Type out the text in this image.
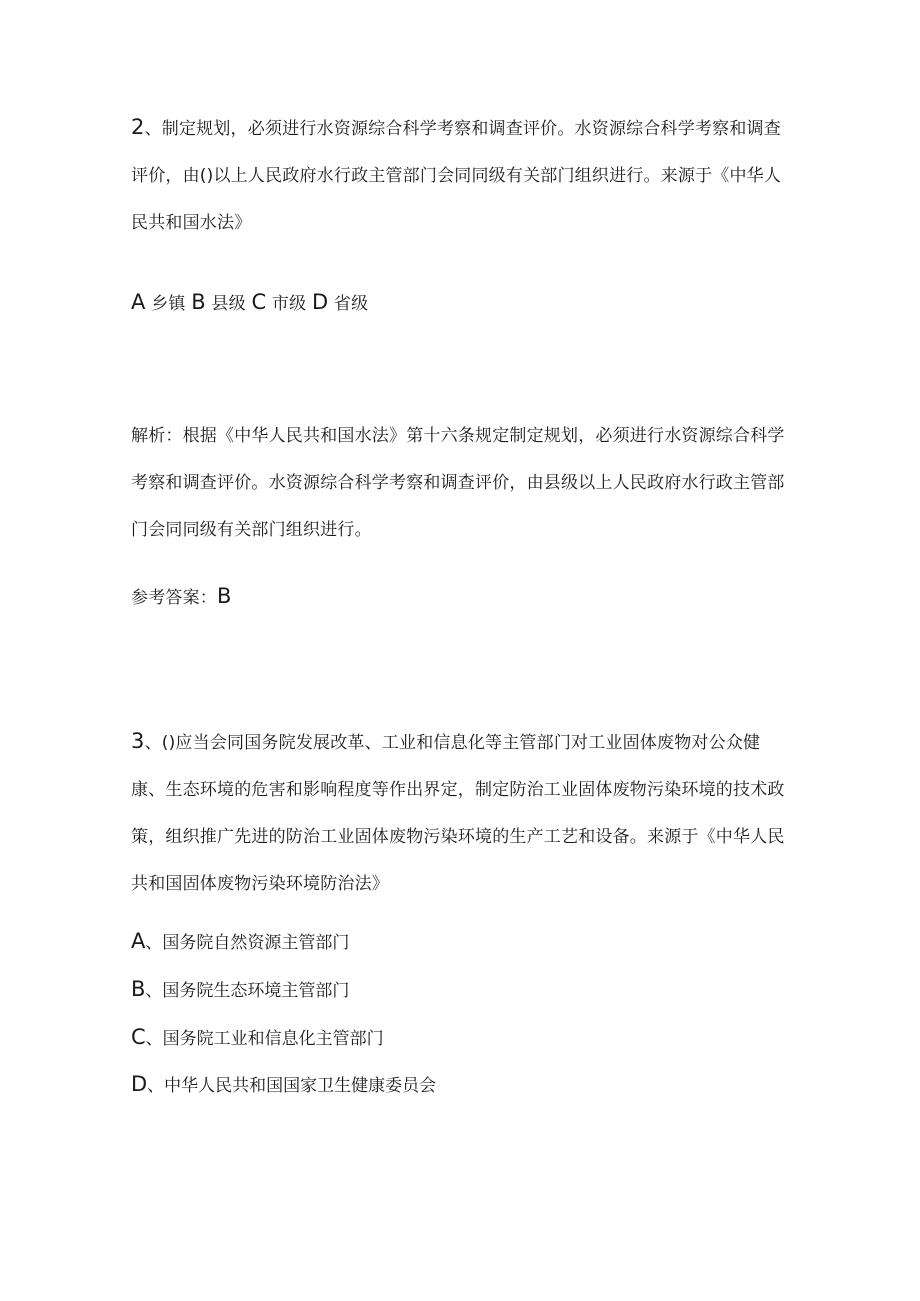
2、制定规划，必须进行水资源综合科学考察和调查评价。水资源综合科学考察和调查评价，由()以上人民政府水行政主管部门会同同级有关部门组织进行。来源于《中华人民共和国水法》

A 乡镇 B 县级 C 市级 D 省级

解析：根据《中华人民共和国水法》第十六条规定制定规划，必须进行水资源综合科学考察和调查评价。水资源综合科学考察和调查评价，由县级以上人民政府水行政主管部门会同同级有关部门组织进行。

参考答案：B

3、()应当会同国务院发展改革、工业和信息化等主管部门对工业固体废物对公众健康、生态环境的危害和影响程度等作出界定，制定防治工业固体废物污染环境的技术政策，组织推广先进的防治工业固体废物污染环境的生产工艺和设备。来源于《中华人民共和国固体废物污染环境防治法》

A、国务院自然资源主管部门

B、国务院生态环境主管部门

C、国务院工业和信息化主管部门

D、中华人民共和国国家卫生健康委员会
